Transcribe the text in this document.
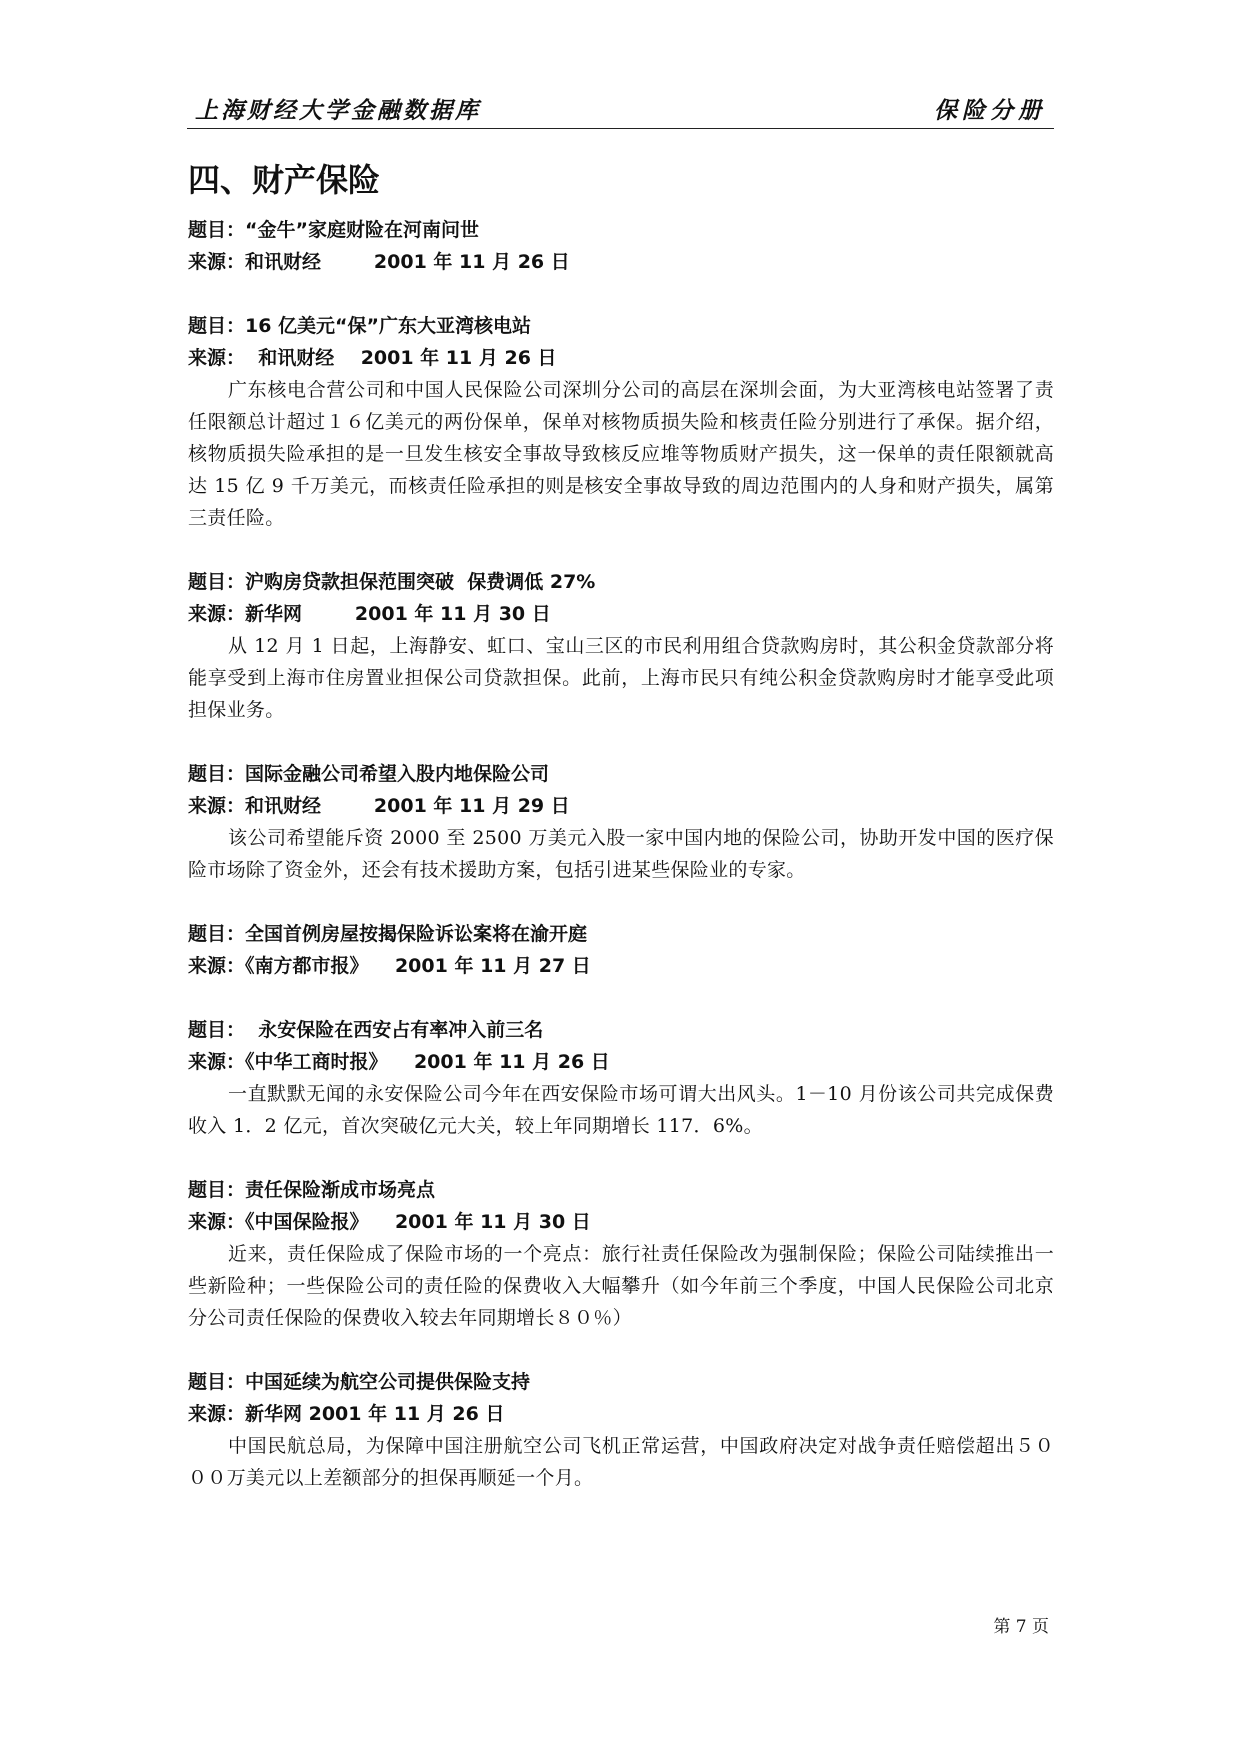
上海财经大学金融数据库	保险分册
四、财产保险
题目：“金牛”家庭财险在河南问世
来源：和讯财经        2001 年 11 月 26 日
题目：16 亿美元“保”广东大亚湾核电站
来源：  和讯财经    2001 年 11 月 26 日

广东核电合营公司和中国人民保险公司深圳分公司的高层在深圳会面，为大亚湾核电站签署了责任限额总计超过１６亿美元的两份保单，保单对核物质损失险和核责任险分别进行了承保。据介绍，核物质损失险承担的是一旦发生核安全事故导致核反应堆等物质财产损失，这一保单的责任限额就高达 15 亿 9 千万美元，而核责任险承担的则是核安全事故导致的周边范围内的人身和财产损失，属第三责任险。

题目：沪购房贷款担保范围突破  保费调低 27%
来源：新华网        2001 年 11 月 30 日

从 12 月 1 日起，上海静安、虹口、宝山三区的市民利用组合贷款购房时，其公积金贷款部分将能享受到上海市住房置业担保公司贷款担保。此前，上海市民只有纯公积金贷款购房时才能享受此项担保业务。

题目：国际金融公司希望入股内地保险公司
来源：和讯财经        2001 年 11 月 29 日

该公司希望能斥资 2000 至 2500 万美元入股一家中国内地的保险公司，协助开发中国的医疗保险市场除了资金外，还会有技术援助方案，包括引进某些保险业的专家。

题目：全国首例房屋按揭保险诉讼案将在渝开庭
来源：《南方都市报》    2001 年 11 月 27 日
题目：  永安保险在西安占有率冲入前三名
来源：《中华工商时报》    2001 年 11 月 26 日

一直默默无闻的永安保险公司今年在西安保险市场可谓大出风头。1－10 月份该公司共完成保费收入 1．2 亿元，首次突破亿元大关，较上年同期增长 117．6%。

题目：责任保险渐成市场亮点
来源：《中国保险报》    2001 年 11 月 30 日

近来，责任保险成了保险市场的一个亮点：旅行社责任保险改为强制保险；保险公司陆续推出一些新险种；一些保险公司的责任险的保费收入大幅攀升（如今年前三个季度，中国人民保险公司北京分公司责任保险的保费收入较去年同期增长８０％）

题目：中国延续为航空公司提供保险支持
来源：新华网 2001 年 11 月 26 日

中国民航总局，为保障中国注册航空公司飞机正常运营，中国政府决定对战争责任赔偿超出５０００万美元以上差额部分的担保再顺延一个月。

第 7 页
